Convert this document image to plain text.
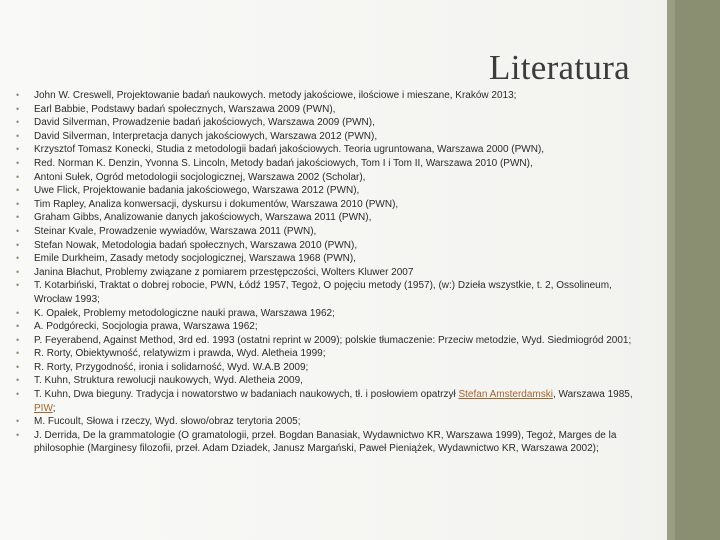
Literatura
• John W. Creswell, Projektowanie badań naukowych. metody jakościowe, ilościowe i mieszane, Kraków 2013;
• Earl Babbie, Podstawy badań społecznych, Warszawa 2009 (PWN),
• David Silverman, Prowadzenie badań jakościowych, Warszawa 2009 (PWN),
• David Silverman, Interpretacja danych jakościowych, Warszawa 2012 (PWN),
• Krzysztof Tomasz Konecki, Studia z metodologii badań jakościowych. Teoria ugruntowana, Warszawa 2000 (PWN),
• Red. Norman K. Denzin, Yvonna S. Lincoln, Metody badań jakościowych, Tom I i Tom II, Warszawa 2010 (PWN),
• Antoni Sułek, Ogród metodologii socjologicznej, Warszawa 2002 (Scholar),
• Uwe Flick, Projektowanie badania jakościowego, Warszawa 2012 (PWN),
• Tim Rapley, Analiza konwersacji, dyskursu i dokumentów, Warszawa 2010 (PWN),
• Graham Gibbs, Analizowanie danych jakościowych, Warszawa 2011 (PWN),
• Steinar Kvale, Prowadzenie wywiadów, Warszawa 2011 (PWN),
• Stefan Nowak, Metodologia badań społecznych, Warszawa 2010 (PWN),
• Emile Durkheim, Zasady metody socjologicznej, Warszawa 1968 (PWN),
• Janina Błachut, Problemy związane z pomiarem przestępczości, Wolters Kluwer 2007
• T. Kotarbiński, Traktat o dobrej robocie, PWN, Łódź 1957, Tegoż, O pojęciu metody (1957), (w:) Dzieła wszystkie, t. 2, Ossolineum, Wrocław 1993;
• K. Opałek, Problemy metodologiczne nauki prawa, Warszawa 1962;
• A. Podgórecki, Socjologia prawa, Warszawa 1962;
• P. Feyerabend, Against Method, 3rd ed. 1993 (ostatni reprint w 2009); polskie tłumaczenie: Przeciw metodzie, Wyd. Siedmiogród 2001;
• R. Rorty, Obiektywność, relatywizm i prawda, Wyd. Aletheia 1999;
• R. Rorty, Przygodność, ironia i solidarność, Wyd. W.A.B 2009;
• T. Kuhn, Struktura rewolucji naukowych, Wyd. Aletheia 2009,
• T. Kuhn, Dwa bieguny. Tradycja i nowatorstwo w badaniach naukowych, tł. i posłowiem opatrzył Stefan Amsterdamski, Warszawa 1985, PIW;
• M. Fucoult, Słowa i rzeczy, Wyd. słowo/obraz terytoria 2005;
• J. Derrida, De la grammatologie (O gramatologii, przeł. Bogdan Banasiak, Wydawnictwo KR, Warszawa 1999), Tegoż, Marges de la philosophie (Marginesy filozofii, przeł. Adam Dziadek, Janusz Margański, Paweł Pieniążek, Wydawnictwo KR, Warszawa 2002);
